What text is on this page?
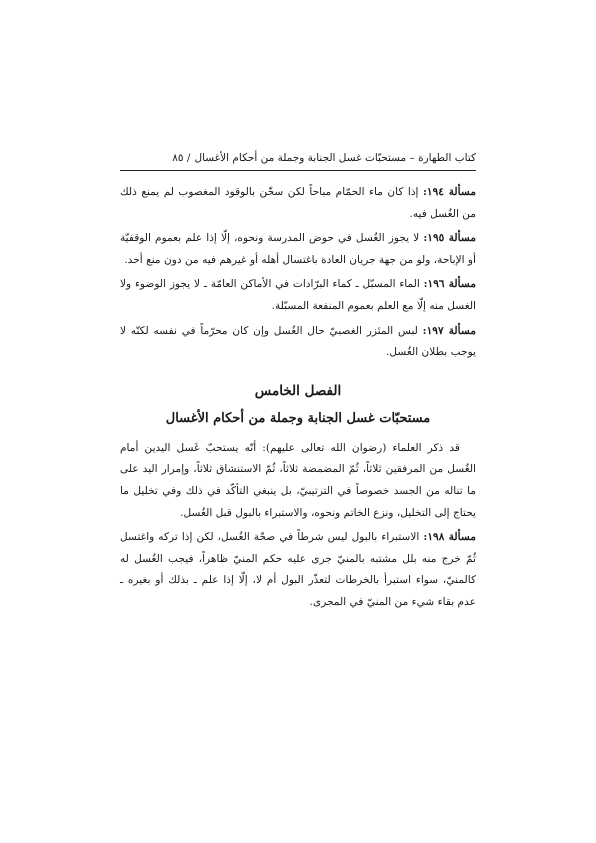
كتاب الطهارة – مستحبّات غسل الجنابة وجملة من أحكام الأغسال
/ ٨٥

مسألة ١٩٤: إذا كان ماء الحمّام مباحاً لكن سخّن بالوقود المغصوب لم يمنع ذلك من الغُسل فيه.

مسألة ١٩٥: لا يجوز الغُسل في حوض المدرسة ونحوه، إلّا إذا علم بعموم الوقفيّة أو الإباحة، ولو من جهة جريان العادة باغتسال أهله أو غيرهم فيه من دون منع أحد.

مسألة ١٩٦: الماء المسبّل ـ كماء البرّادات في الأماكن العامّة ـ لا يجوز الوضوء ولا الغسل منه إلّا مع العلم بعموم المنفعة المسبّلة.

مسألة ١٩٧: لبس المئزر الغصبيّ حال الغُسل وإن كان محرّماً في نفسه لكنّه لا يوجب بطلان الغُسل.

الفصل الخامس
مستحبّات غسل الجنابة وجملة من أحكام الأغسال

قد ذكر العلماء (رضوان الله تعالى عليهم): أنّه يستحبّ غَسل اليدين أمام الغُسل من المرفقين ثلاثاً، ثُمّ المضمضة ثلاثاً، ثُمّ الاستنشاق ثلاثاً، وإمرار اليد على ما تناله من الجسد خصوصاً في الترتيبيّ، بل ينبغي التأكّد في ذلك وفي تخليل ما يحتاج إلى التخليل، ونزع الخاتم ونحوه، والاستبراء بالبول قبل الغُسل.

مسألة ١٩٨: الاستبراء بالبول ليس شرطاً في صحّة الغُسل، لكن إذا تركه واغتسل ثُمّ خرج منه بلل مشتبه بالمنيّ جرى عليه حكم المنيّ ظاهراً، فيجب الغُسل له كالمنيّ، سواء استبرأ بالخرطات لتعذّر البول أم لا، إلّا إذا علم ـ بذلك أو بغيره ـ عدم بقاء شيء من المنيّ في المجرى.
